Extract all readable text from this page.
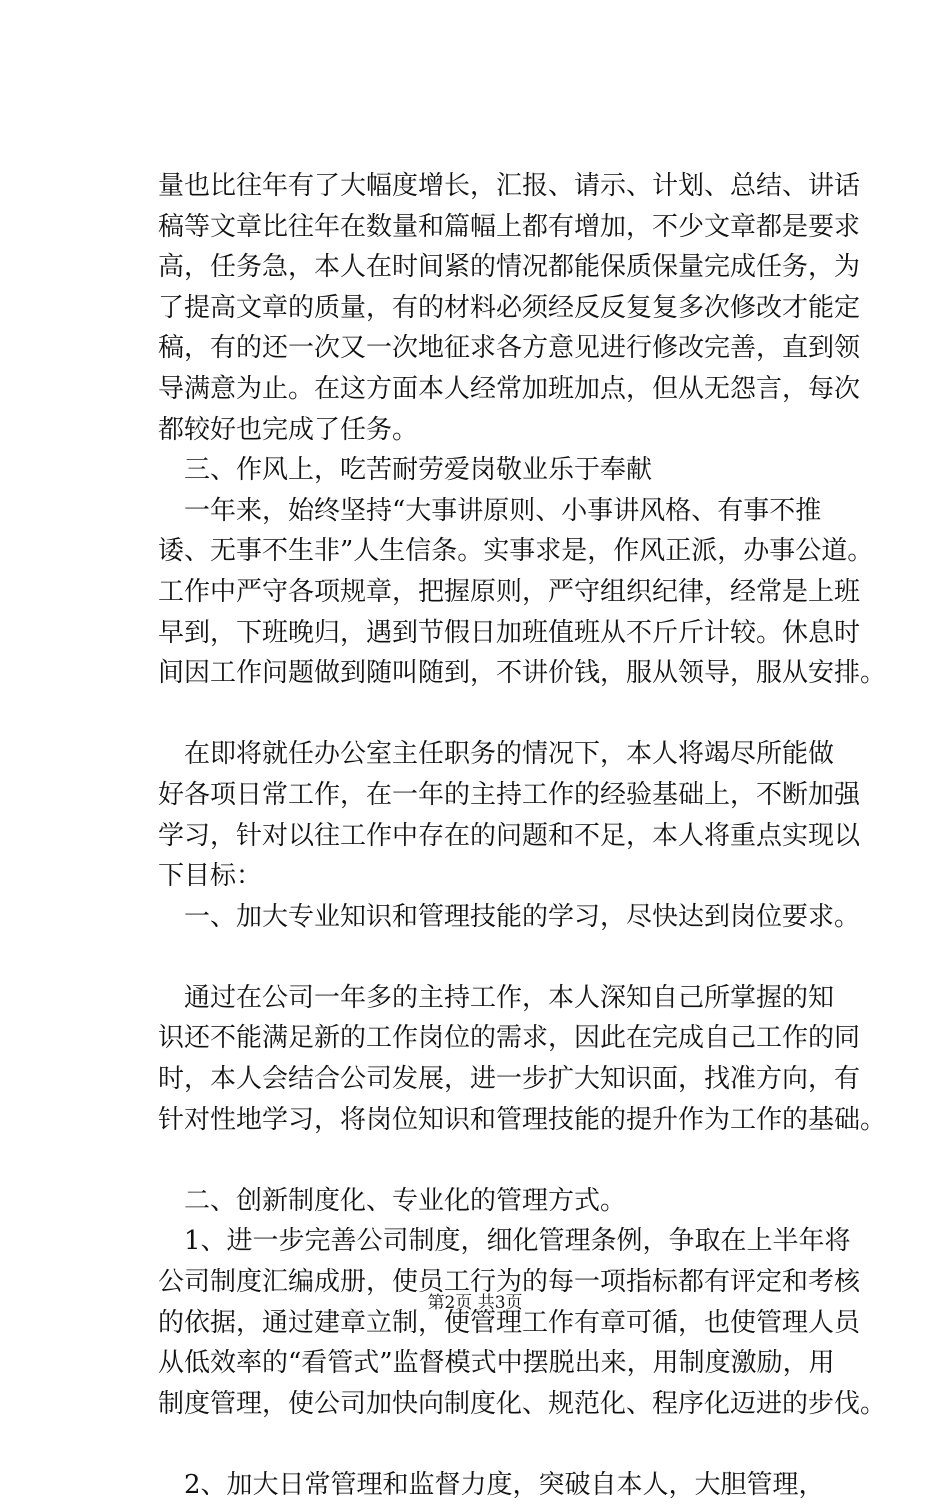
量也比往年有了大幅度增长，汇报、请示、计划、总结、讲话
稿等文章比往年在数量和篇幅上都有增加，不少文章都是要求
高，任务急，本人在时间紧的情况都能保质保量完成任务，为
了提高文章的质量，有的材料必须经反反复复多次修改才能定
稿，有的还一次又一次地征求各方意见进行修改完善，直到领
导满意为止。在这方面本人经常加班加点，但从无怨言，每次
都较好也完成了任务。
三、作风上，吃苦耐劳爱岗敬业乐于奉献
一年来，始终坚持“大事讲原则、小事讲风格、有事不推
诿、无事不生非”人生信条。实事求是，作风正派，办事公道。
工作中严守各项规章，把握原则，严守组织纪律，经常是上班
早到，下班晚归，遇到节假日加班值班从不斤斤计较。休息时
间因工作问题做到随叫随到，不讲价钱，服从领导，服从安排。
在即将就任办公室主任职务的情况下，本人将竭尽所能做
好各项日常工作，在一年的主持工作的经验基础上，不断加强
学习，针对以往工作中存在的问题和不足，本人将重点实现以
下目标：
一、加大专业知识和管理技能的学习，尽快达到岗位要求。
通过在公司一年多的主持工作，本人深知自己所掌握的知
识还不能满足新的工作岗位的需求，因此在完成自己工作的同
时，本人会结合公司发展，进一步扩大知识面，找准方向，有
针对性地学习，将岗位知识和管理技能的提升作为工作的基础。
二、创新制度化、专业化的管理方式。
1、进一步完善公司制度，细化管理条例，争取在上半年将
公司制度汇编成册，使员工行为的每一项指标都有评定和考核
的依据，通过建章立制，使管理工作有章可循，也使管理人员
从低效率的“看管式”监督模式中摆脱出来，用制度激励，用
制度管理，使公司加快向制度化、规范化、程序化迈进的步伐。
2、加大日常管理和监督力度，突破自本人，大胆管理，
第2页 共3页
